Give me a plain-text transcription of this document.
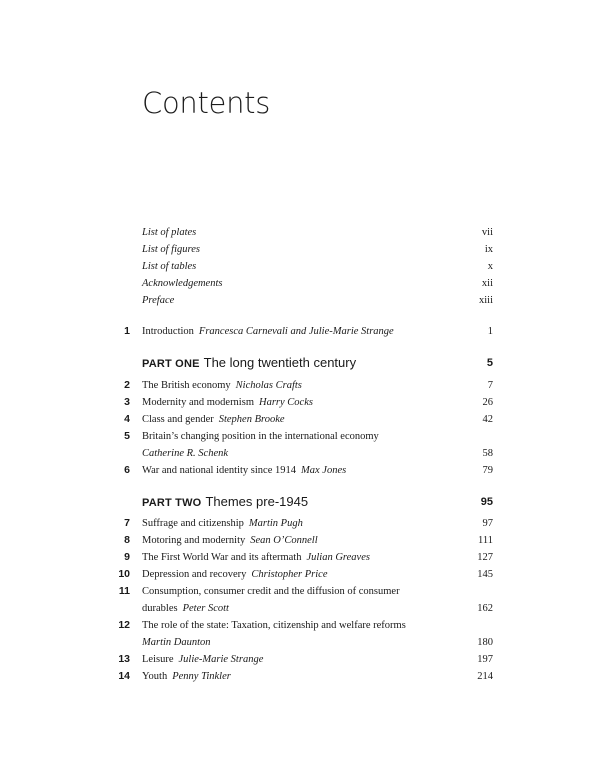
Contents
List of plates	vii
List of figures	ix
List of tables	x
Acknowledgements	xii
Preface	xiii
1 Introduction Francesca Carnevali and Julie-Marie Strange	1
PART ONE The long twentieth century	5
2 The British economy Nicholas Crafts	7
3 Modernity and modernism Harry Cocks	26
4 Class and gender Stephen Brooke	42
5 Britain’s changing position in the international economy
Catherine R. Schenk	58
6 War and national identity since 1914 Max Jones	79
PART TWO Themes pre-1945	95
7 Suffrage and citizenship Martin Pugh	97
8 Motoring and modernity Sean O’Connell	111
9 The First World War and its aftermath Julian Greaves	127
10 Depression and recovery Christopher Price	145
11 Consumption, consumer credit and the diffusion of consumer
durables Peter Scott	162
12 The role of the state: Taxation, citizenship and welfare reforms
Martin Daunton	180
13 Leisure Julie-Marie Strange	197
14 Youth Penny Tinkler	214
